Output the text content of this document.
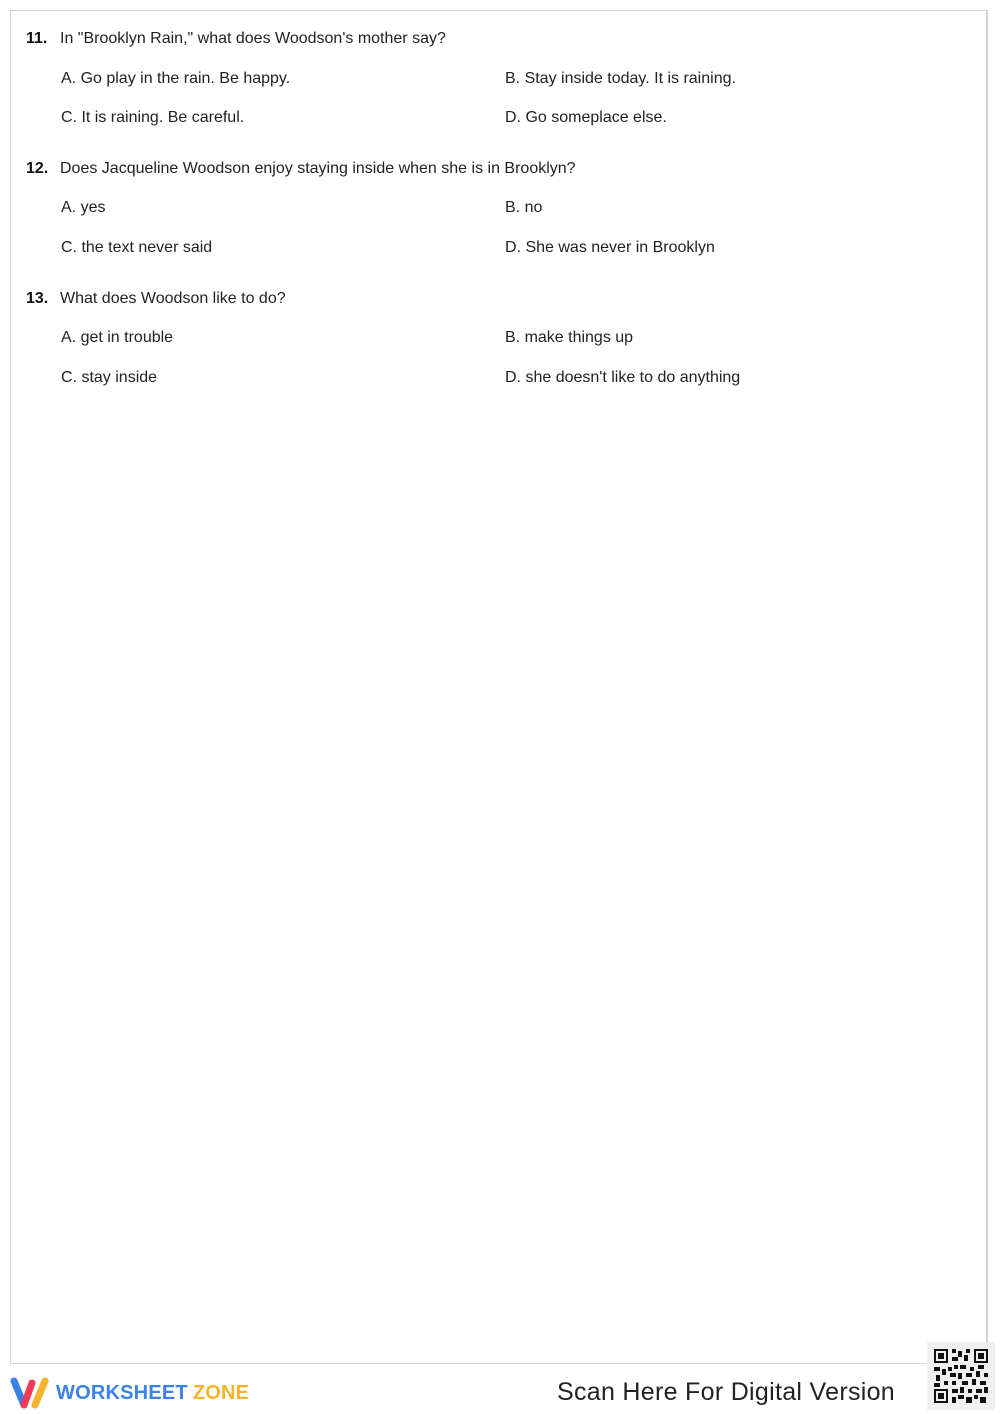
11. In "Brooklyn Rain," what does Woodson's mother say?
A. Go play in the rain. Be happy.	B. Stay inside today. It is raining.
C. It is raining. Be careful.	D. Go someplace else.
12. Does Jacqueline Woodson enjoy staying inside when she is in Brooklyn?
A. yes	B. no
C. the text never said	D. She was never in Brooklyn
13. What does Woodson like to do?
A. get in trouble	B. make things up
C. stay inside	D. she doesn't like to do anything
WORKSHEET ZONE	Scan Here For Digital Version
